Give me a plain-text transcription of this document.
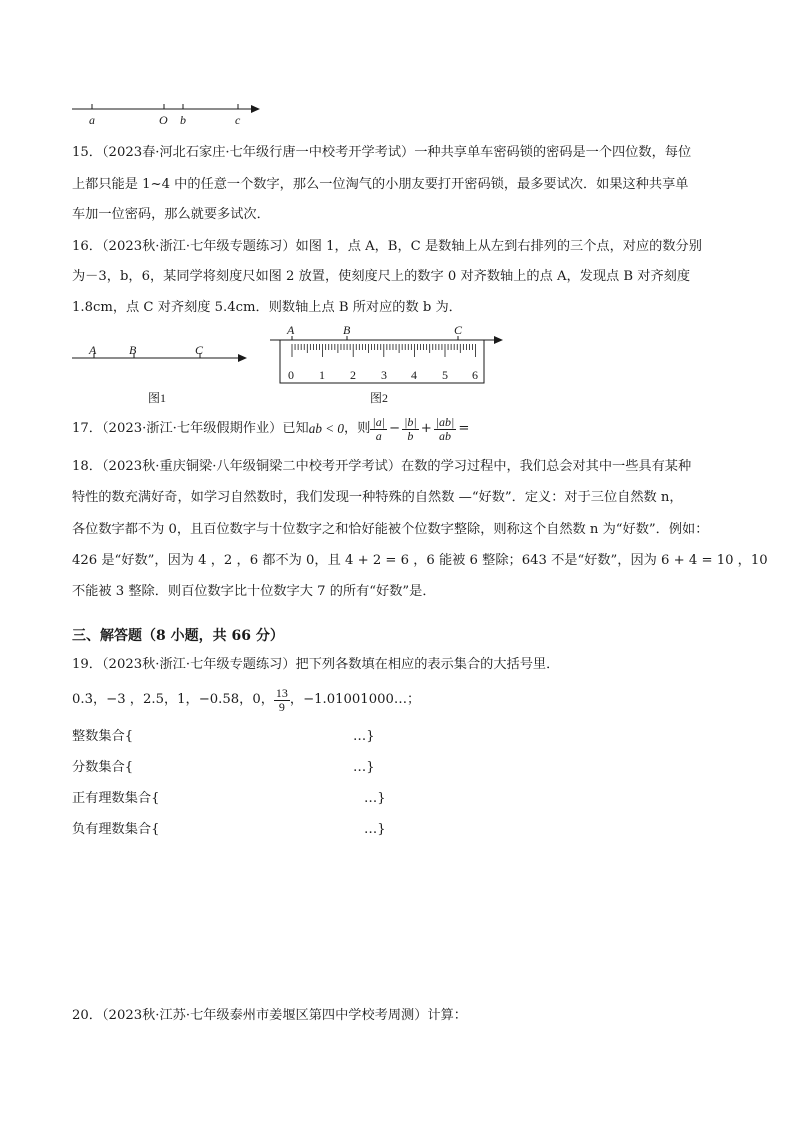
a	O b	c
15．（2023春·河北石家庄·七年级行唐一中校考开学考试）一种共享单车密码锁的密码是一个四位数，每位
上都只能是 1~4 中的任意一个数字，那么一位淘气的小朋友要打开密码锁，最多要试次．如果这种共享单
车加一位密码，那么就要多试次．
16．（2023秋·浙江·七年级专题练习）如图 1，点 A，B，C 是数轴上从左到右排列的三个点，对应的数分别
为－3，b，6，某同学将刻度尺如图 2 放置，使刻度尺上的数字 0 对齐数轴上的点 A，发现点 B 对齐刻度
1.8cm，点 C 对齐刻度 5.4cm．则数轴上点 B 所对应的数 b 为．
A	B	C
图1
A	B	C
0 1 2 3 4 5 6
图2
17．（2023·浙江·七年级假期作业）已知 ab < 0 ，则 $\frac{|a|}{a} - \frac{|b|}{b} + \frac{|ab|}{ab}$ =
18．（2023秋·重庆铜梁·八年级铜梁二中校考开学考试）在数的学习过程中，我们总会对其中一些具有某种
特性的数充满好奇，如学习自然数时，我们发现一种特殊的自然数 —“好数”．定义：对于三位自然数 n，
各位数字都不为 0，且百位数字与十位数字之和恰好能被个位数字整除，则称这个自然数 n 为“好数”．例如：
426 是“好数”，因为 4 ，2 ，6 都不为 0，且 4 + 2 = 6 ，6 能被 6 整除；643 不是“好数”，因为 6 + 4 = 10 ，10
不能被 3 整除．则百位数字比十位数字大 7 的所有“好数”是．
三、解答题（8 小题，共 66 分）
19．（2023秋·浙江·七年级专题练习）把下列各数填在相应的表示集合的大括号里．
0.3̇ ，−3 ，2.5，1，−0.58，0， $\frac{13}{9}$ ，−1.01001000…；
整数集合{	…}
分数集合{	…}
正有理数集合{	…}
负有理数集合{	…}
20．（2023秋·江苏·七年级泰州市姜堰区第四中学校考周测）计算：
